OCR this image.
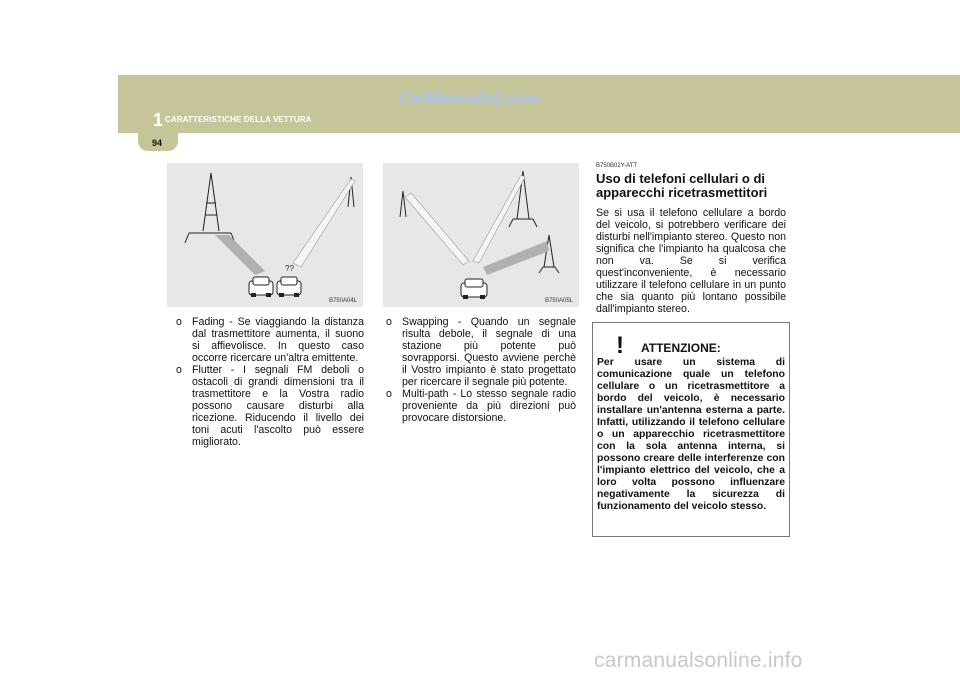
1 CARATTERISTICHE DELLA VETTURA
CarManuals2.com
94
??
B750A04L	B750A05L

o Fading - Se viaggiando la distanza dal trasmettitore aumenta, il suono si affievolisce. In questo caso occorre ricercare un'altra emittente.

o Flutter - I segnali FM deboli o ostacoli di grandi dimensioni tra il trasmettitore e la Vostra radio possono causare disturbi alla ricezione. Riducendo il livello dei toni acuti l'ascolto può essere migliorato.

o Swapping - Quando un segnale risulta debole, il segnale di una stazione più potente può sovrapporsi. Questo avviene perchè il Vostro impianto è stato progettato per ricercare il segnale più potente.

o Multi-path - Lo stesso segnale radio proveniente da più direzioni può provocare distorsione.

B750B02Y-ATT
Uso di telefoni cellulari o di apparecchi ricetrasmettitori
Se si usa il telefono cellulare a bordo del veicolo, si potrebbero verificare dei disturbi nell'impianto stereo. Questo non significa che l'impianto ha qualcosa che non va. Se si verifica quest'inconveniente, è necessario utilizzare il telefono cellulare in un punto che sia quanto più lontano possibile dall'impianto stereo.
! ATTENZIONE:
Per usare un sistema di comunicazione quale un telefono cellulare o un ricetrasmettitore a bordo del veicolo, è necessario installare un'antenna esterna a parte. Infatti, utilizzando il telefono cellulare o un apparecchio ricetrasmettitore con la sola antenna interna, si possono creare delle interferenze con l'impianto elettrico del veicolo, che a loro volta possono influenzare negativamente la sicurezza di funzionamento del veicolo stesso.
carmanualsonline.info
